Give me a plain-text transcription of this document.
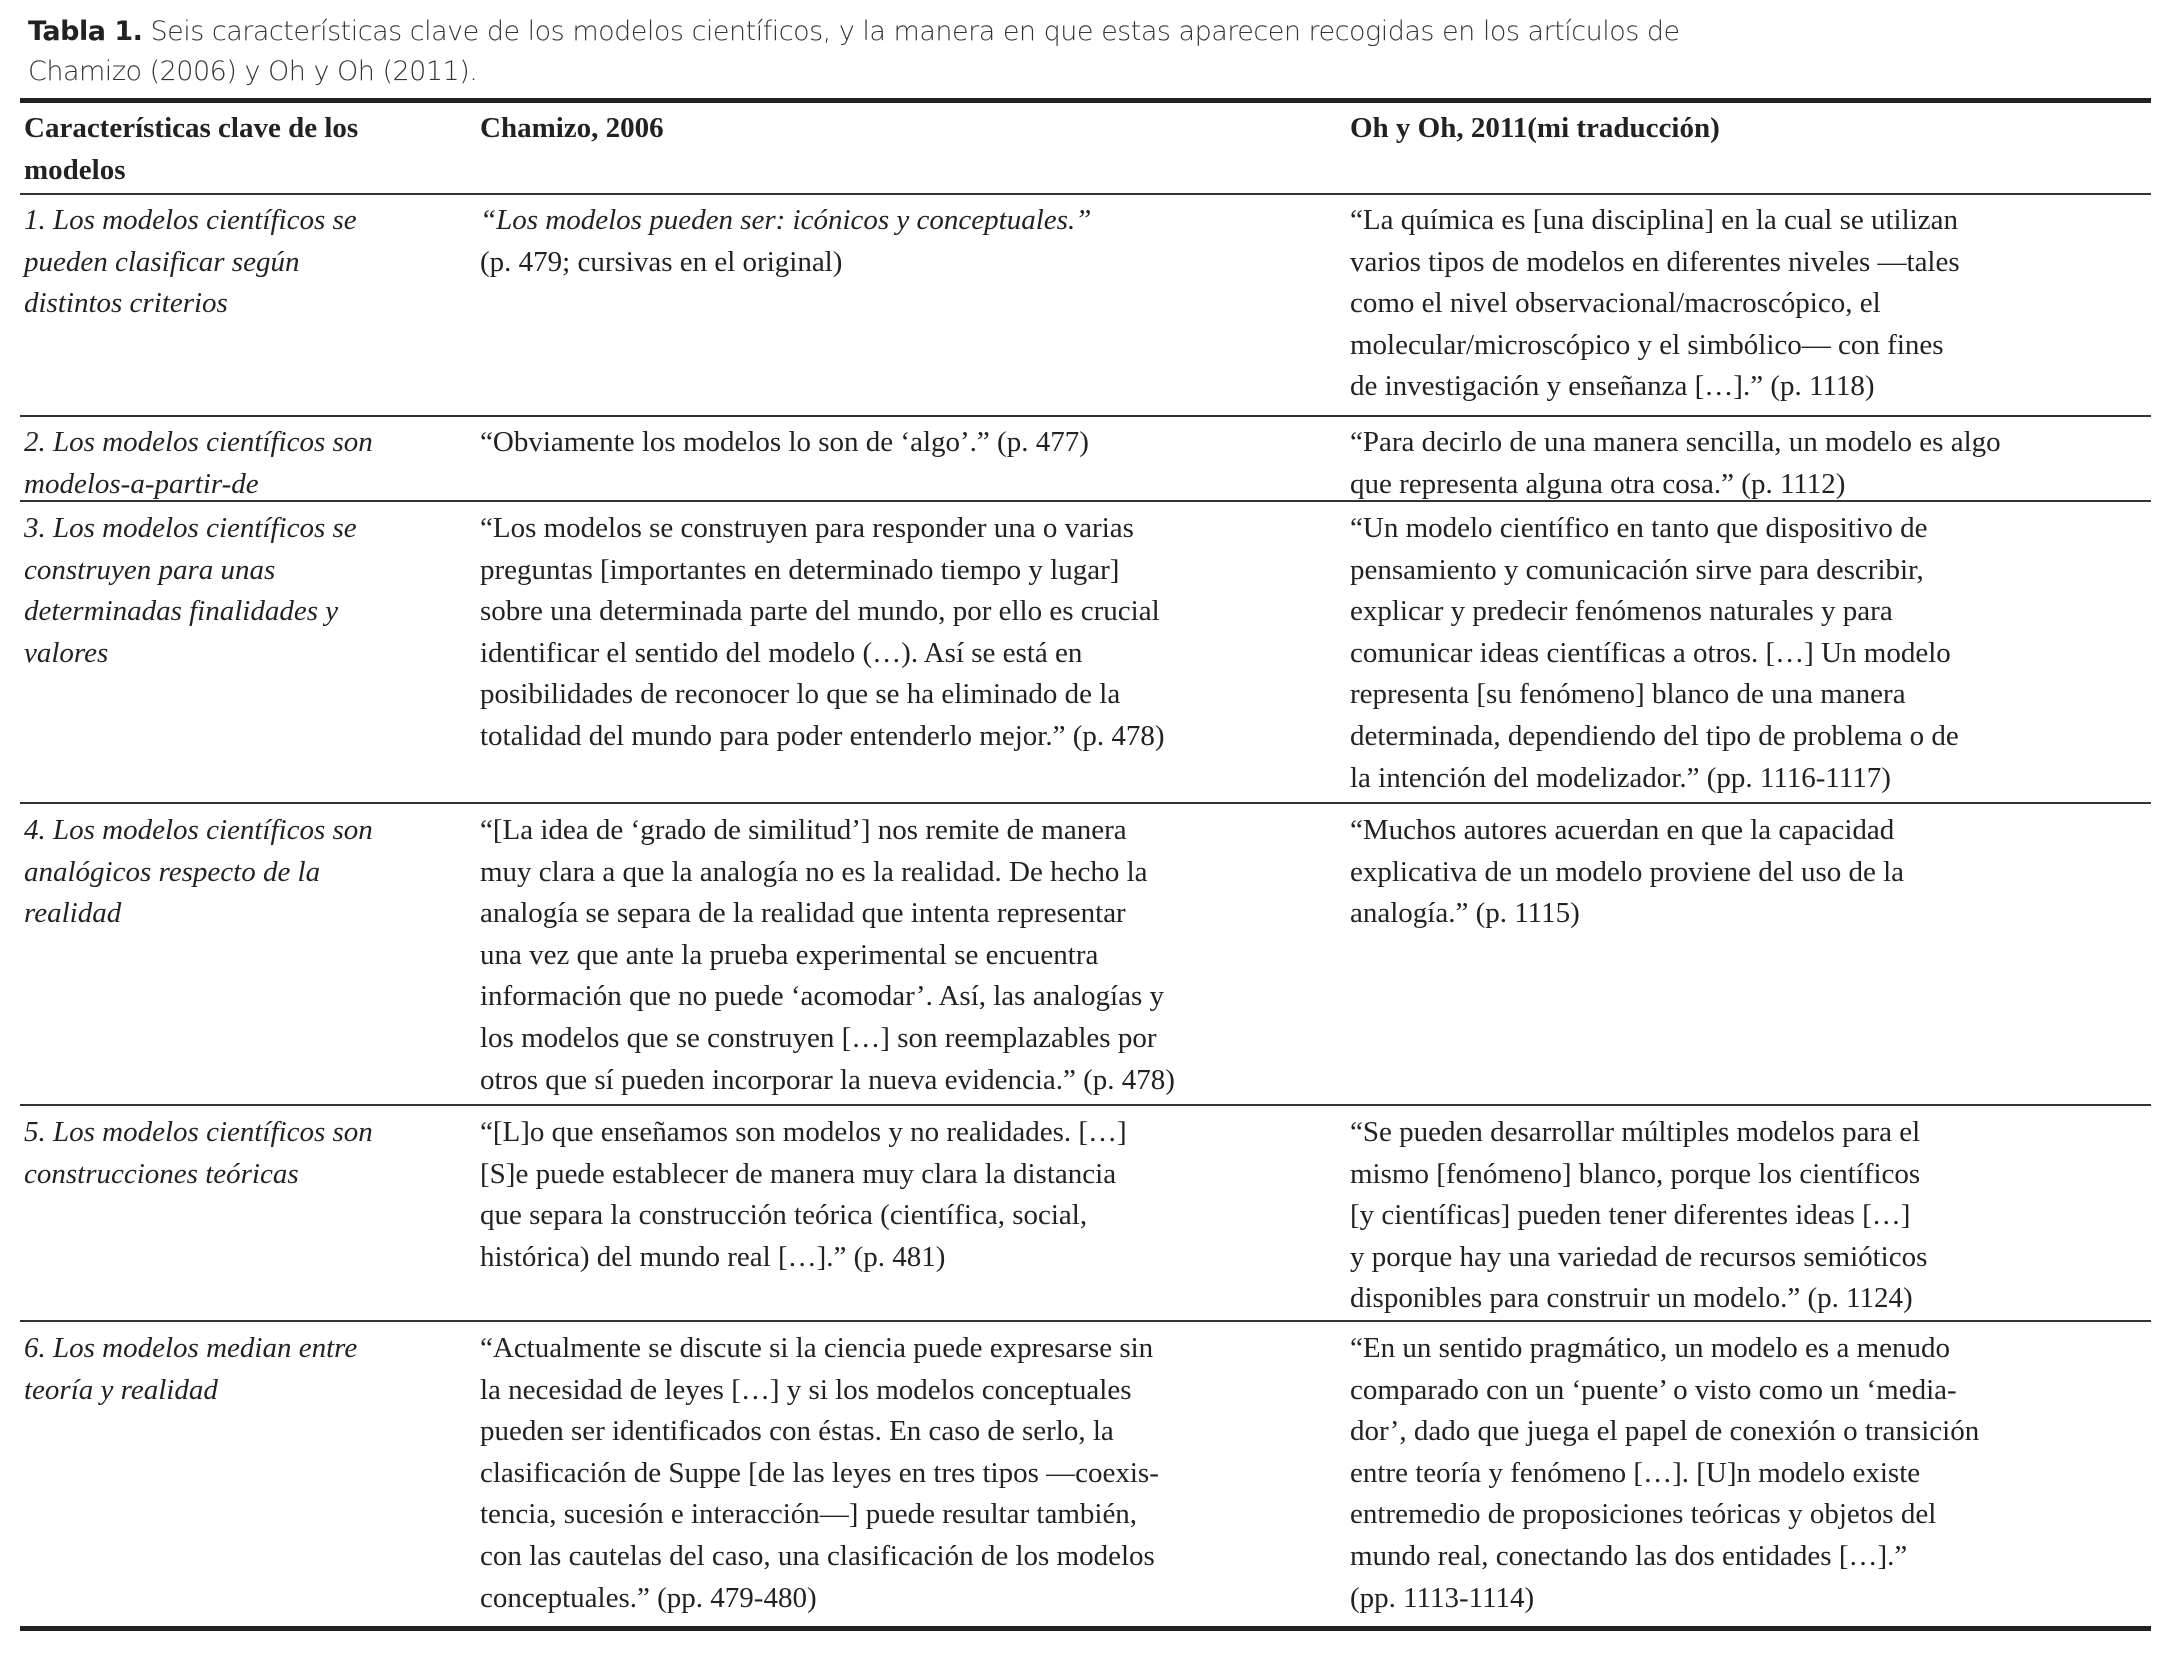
Tabla 1. Seis características clave de los modelos científicos, y la manera en que estas aparecen recogidas en los artículos de
Chamizo (2006) y Oh y Oh (2011).
Características clave de los
modelos
Chamizo, 2006	Oh y Oh, 2011(mi traducción)
1. Los modelos científicos se
pueden clasificar según
distintos criterios
“Los modelos pueden ser: icónicos y conceptuales.”
(p. 479; cursivas en el original)
“La química es [una disciplina] en la cual se utilizan
varios tipos de modelos en diferentes niveles —tales
como el nivel observacional/macroscópico, el
molecular/microscópico y el simbólico— con fines
de investigación y enseñanza […].” (p. 1118)
2. Los modelos científicos son
modelos-a-partir-de
“Obviamente los modelos lo son de ‘algo’.” (p. 477)	“Para decirlo de una manera sencilla, un modelo es algo
que representa alguna otra cosa.” (p. 1112)
3. Los modelos científicos se
construyen para unas
determinadas finalidades y
valores
“Los modelos se construyen para responder una o varias
preguntas [importantes en determinado tiempo y lugar]
sobre una determinada parte del mundo, por ello es crucial
identificar el sentido del modelo (…). Así se está en
posibilidades de reconocer lo que se ha eliminado de la
totalidad del mundo para poder entenderlo mejor.” (p. 478)
“Un modelo científico en tanto que dispositivo de
pensamiento y comunicación sirve para describir,
explicar y predecir fenómenos naturales y para
comunicar ideas científicas a otros. […] Un modelo
representa [su fenómeno] blanco de una manera
determinada, dependiendo del tipo de problema o de
la intención del modelizador.” (pp. 1116-1117)
4. Los modelos científicos son
analógicos respecto de la
realidad
“[La idea de ‘grado de similitud’] nos remite de manera
muy clara a que la analogía no es la realidad. De hecho la
analogía se separa de la realidad que intenta representar
una vez que ante la prueba experimental se encuentra
información que no puede ‘acomodar’. Así, las analogías y
los modelos que se construyen […] son reemplazables por
otros que sí pueden incorporar la nueva evidencia.” (p. 478)
“Muchos autores acuerdan en que la capacidad
explicativa de un modelo proviene del uso de la
analogía.” (p. 1115)
5. Los modelos científicos son
construcciones teóricas
“[L]o que enseñamos son modelos y no realidades. […]
[S]e puede establecer de manera muy clara la distancia
que separa la construcción teórica (científica, social,
histórica) del mundo real […].” (p. 481)
“Se pueden desarrollar múltiples modelos para el
mismo [fenómeno] blanco, porque los científicos
[y científicas] pueden tener diferentes ideas […]
y porque hay una variedad de recursos semióticos
disponibles para construir un modelo.” (p. 1124)
6. Los modelos median entre
teoría y realidad
“Actualmente se discute si la ciencia puede expresarse sin
la necesidad de leyes […] y si los modelos conceptuales
pueden ser identificados con éstas. En caso de serlo, la
clasificación de Suppe [de las leyes en tres tipos —coexis-
tencia, sucesión e interacción—] puede resultar también,
con las cautelas del caso, una clasificación de los modelos
conceptuales.” (pp. 479-480)
“En un sentido pragmático, un modelo es a menudo
comparado con un ‘puente’ o visto como un ‘media-
dor’, dado que juega el papel de conexión o transición
entre teoría y fenómeno […]. [U]n modelo existe
entremedio de proposiciones teóricas y objetos del
mundo real, conectando las dos entidades […].”
(pp. 1113-1114)
